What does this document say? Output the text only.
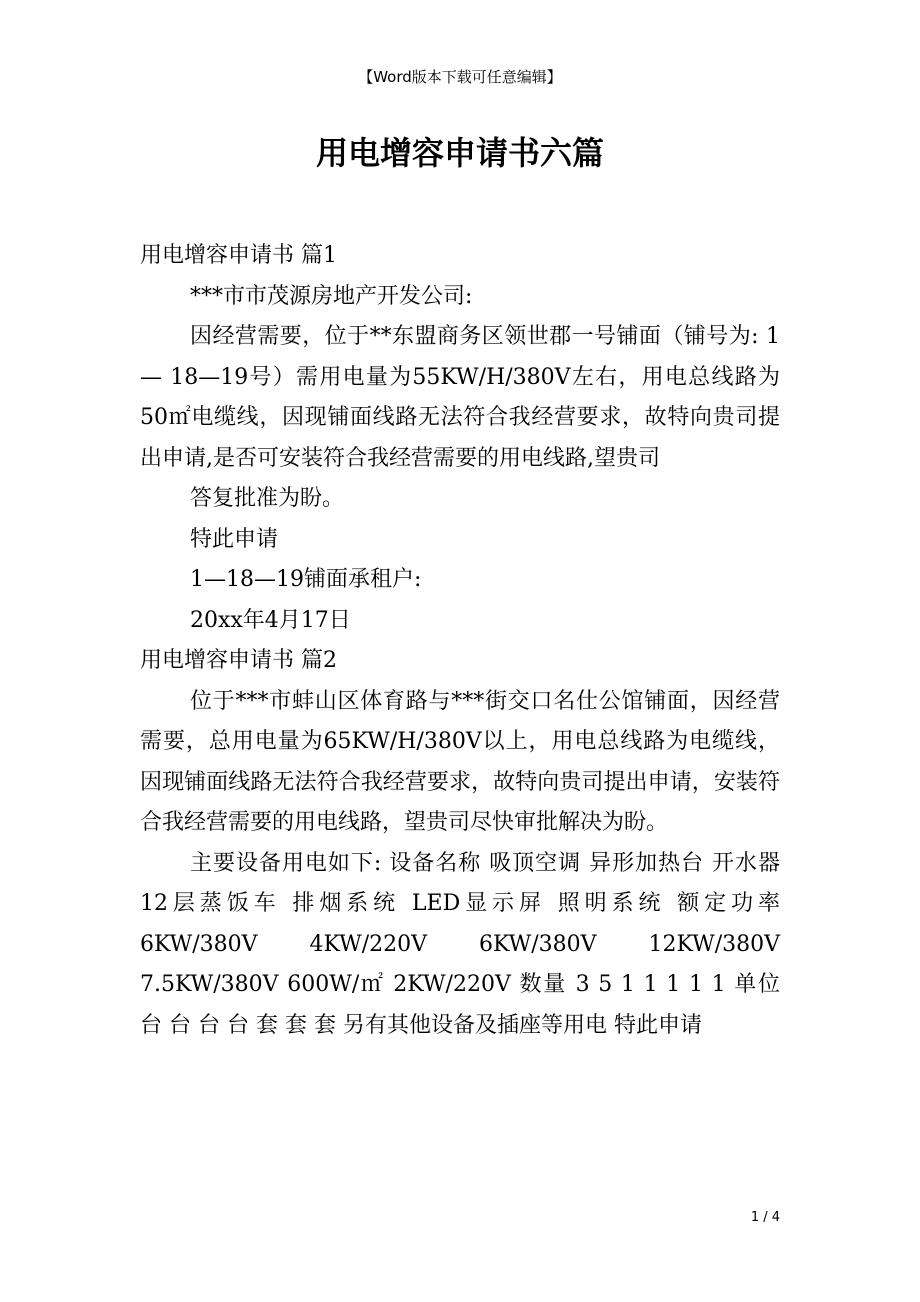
【Word版本下载可任意编辑】
用电增容申请书六篇

用电增容申请书 篇1

***市市茂源房地产开发公司:

因经营需要，位于**东盟商务区领世郡一号铺面（铺号为: 1— 18—19号）需用电量为55KW/H/380V左右，用电总线路为50㎡电缆线，因现铺面线路无法符合我经营要求，故特向贵司提出申请,是否可安装符合我经营需要的用电线路,望贵司

答复批准为盼。

特此申请

1—18—19铺面承租户:

20xx年4月17日

用电增容申请书 篇2

位于***市蚌山区体育路与***街交口名仕公馆铺面，因经营需要，总用电量为65KW/H/380V以上，用电总线路为电缆线，因现铺面线路无法符合我经营要求，故特向贵司提出申请，安装符合我经营需要的用电线路，望贵司尽快审批解决为盼。

主要设备用电如下: 设备名称 吸顶空调 异形加热台 开水器 12层蒸饭车 排烟系统 LED显示屏 照明系统 额定功率 6KW/380V 4KW/220V 6KW/380V 12KW/380V 7.5KW/380V 600W/㎡ 2KW/220V 数量 3 5 1 1 1 1 1 单位 台 台 台 台 套 套 套 另有其他设备及插座等用电 特此申请

1 / 4
